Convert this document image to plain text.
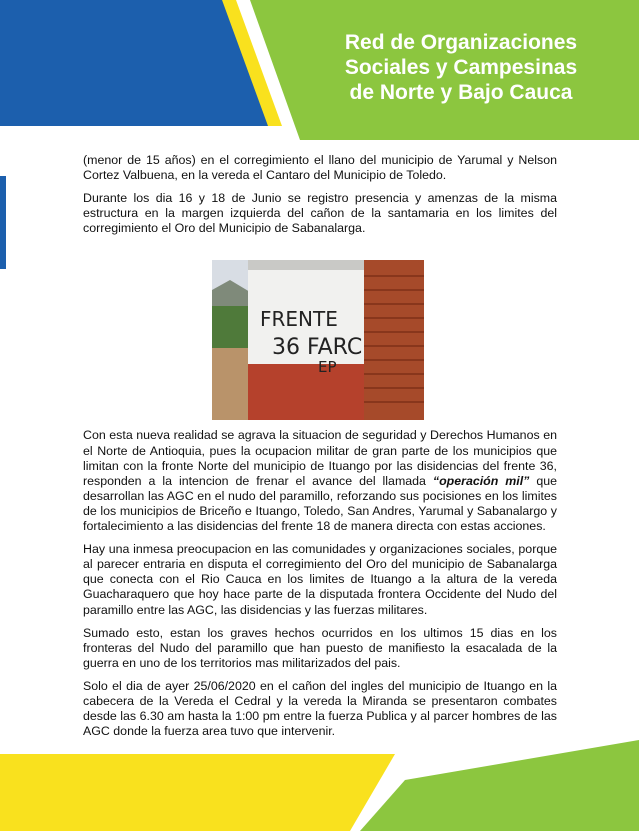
Red de Organizaciones
Sociales y Campesinas
de Norte y Bajo Cauca

(menor de 15 años) en el corregimiento el llano del municipio de Yarumal y Nelson Cortez Valbuena, en la vereda el Cantaro del Municipio de Toledo.

Durante los dia 16 y 18 de Junio se registro presencia y amenzas de la misma estructura en la margen izquierda del cañon de la santamaria en los limites del corregimiento el Oro del Municipio de Sabanalarga.

Con esta nueva realidad se agrava la situacion de seguridad y Derechos Humanos en el Norte de Antioquia, pues la ocupacion militar de gran parte de los municipios que limitan con la fronte Norte del municipio de Ituango por las disidencias del frente 36, responden a la intencion de frenar el avance del llamada “operación mil” que desarrollan las AGC en el nudo del paramillo, reforzando sus pocisiones en los limites de los municipios de Briceño e Ituango, Toledo, San Andres, Yarumal y Sabanalargo y fortalecimiento a las disidencias del frente 18 de manera directa con estas acciones.

Hay una inmesa preocupacion en las comunidades y organizaciones sociales, porque al parecer entraria en disputa el corregimiento del Oro del municipio de Sabanalarga que conecta con el Rio Cauca en los limites de Ituango a la altura de la vereda Guacharaquero que hoy hace parte de la disputada frontera Occidente del Nudo del paramillo entre las AGC, las disidencias y las fuerzas militares.

Sumado esto, estan los graves hechos ocurridos en los ultimos 15 dias en los fronteras del Nudo del paramillo que han puesto de manifiesto la esacalada de la guerra en uno de los territorios mas militarizados del pais.

Solo el dia de ayer 25/06/2020 en el cañon del ingles del municipio de Ituango en la cabecera de la Vereda el Cedral y la vereda la Miranda se presentaron combates desde las 6.30 am hasta la 1:00 pm entre la fuerza Publica y al parcer hombres de las AGC donde la fuerza area tuvo que intervenir.

FRENTE
36 FARC
EP
